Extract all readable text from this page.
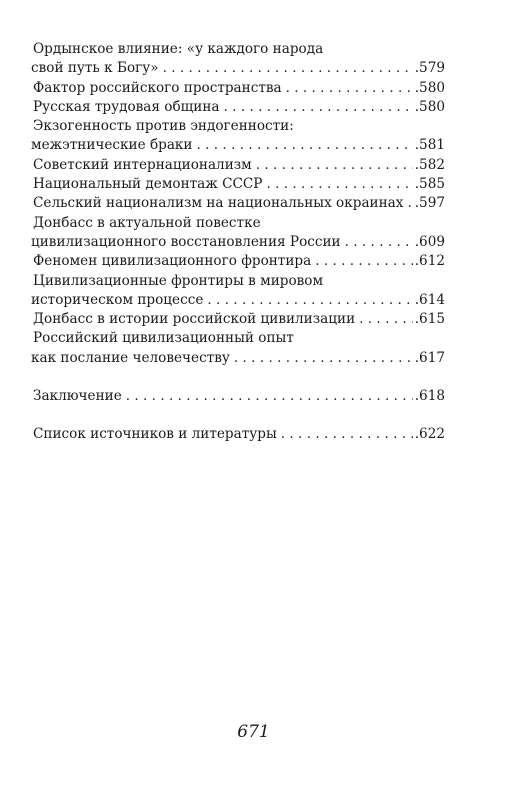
Ордынское влияние: «у каждого народа
свой путь к Богу» . . .	.579
Фактор российского пространства . . .	.580
Русская трудовая община . . .	.580
Экзогенность против эндогенности:
межэтнические браки . . .	.581
Советский интернационализм . . .	.582
Национальный демонтаж СССР . . .	.585
Сельский национализм на национальных окраинах . . . .597
Донбасс в актуальной повестке
цивилизационного восстановления России . . .	.609
Феномен цивилизационного фронтира . . .	.612
Цивилизационные фронтиры в мировом
историческом процессе . . .	.614
Донбасс в истории российской цивилизации . . .	.615
Российский цивилизационный опыт
как послание человечеству . . .	.617
Заключение . . .	.618
Список источников и литературы . . .	.622
671
